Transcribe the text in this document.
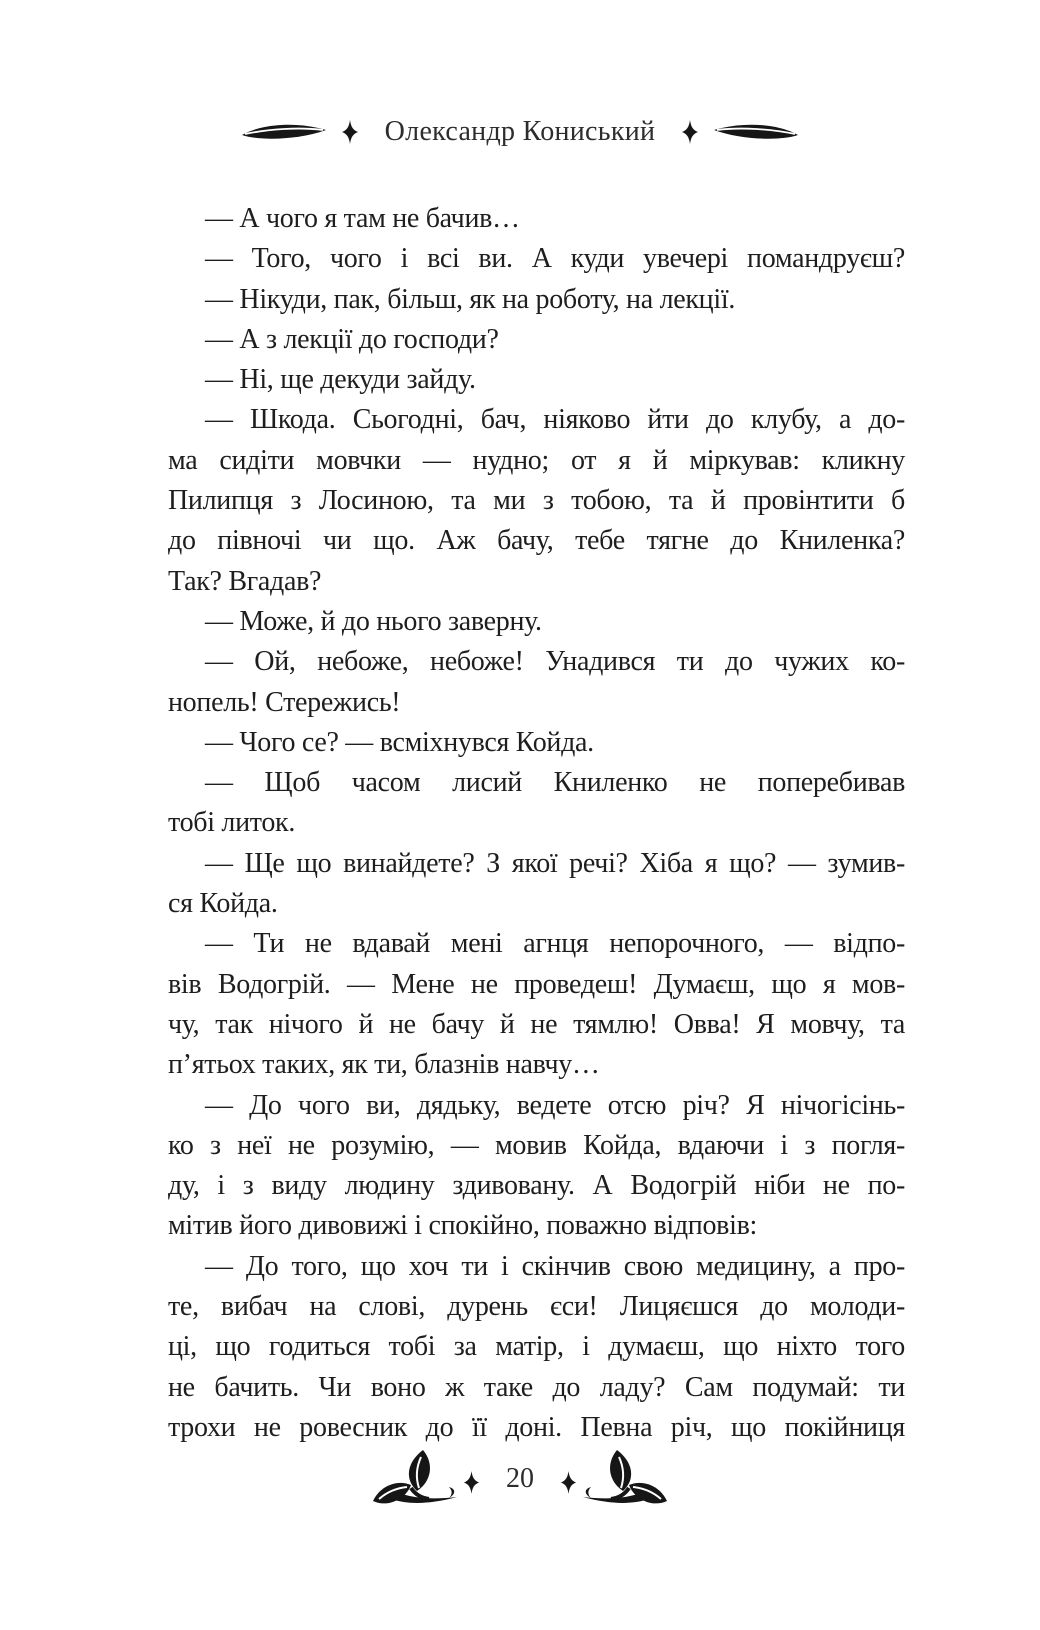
Олександр Кониський
— А чого я там не бачив…
— Того, чого і всі ви. А куди увечері помандруєш?
— Нікуди, пак, більш, як на роботу, на лекції.
— А з лекції до господи?
— Ні, ще декуди зайду.
— Шкода. Сьогодні, бач, ніяково йти до клубу, а до-
ма сидіти мовчки — нудно; от я й міркував: кликну
Пилипця з Лосиною, та ми з тобою, та й провінтити б
до півночі чи що. Аж бачу, тебе тягне до Книленка?
Так? Вгадав?
— Може, й до нього заверну.
— Ой, небоже, небоже! Унадився ти до чужих ко-
нопель! Стережись!
— Чого се? — всміхнувся Койда.
— Щоб часом лисий Книленко не поперебивав
тобі литок.
— Ще що винайдете? З якої речі? Хіба я що? — зумив-
ся Койда.
— Ти не вдавай мені агнця непорочного, — відпо-
вів Водогрій. — Мене не проведеш! Думаєш, що я мов-
чу, так нічого й не бачу й не тямлю! Овва! Я мовчу, та
п’ятьох таких, як ти, блазнів навчу…
— До чого ви, дядьку, ведете отсю річ? Я нічогісінь-
ко з неї не розумію, — мовив Койда, вдаючи і з погля-
ду, і з виду людину здивовану. А Водогрій ніби не по-
мітив його дивовижі і спокійно, поважно відповів:
— До того, що хоч ти і скінчив свою медицину, а про-
те, вибач на слові, дурень єси! Лицяєшся до молоди-
ці, що годиться тобі за матір, і думаєш, що ніхто того
не бачить. Чи воно ж таке до ладу? Сам подумай: ти
трохи не ровесник до її доні. Певна річ, що покійниця
20
